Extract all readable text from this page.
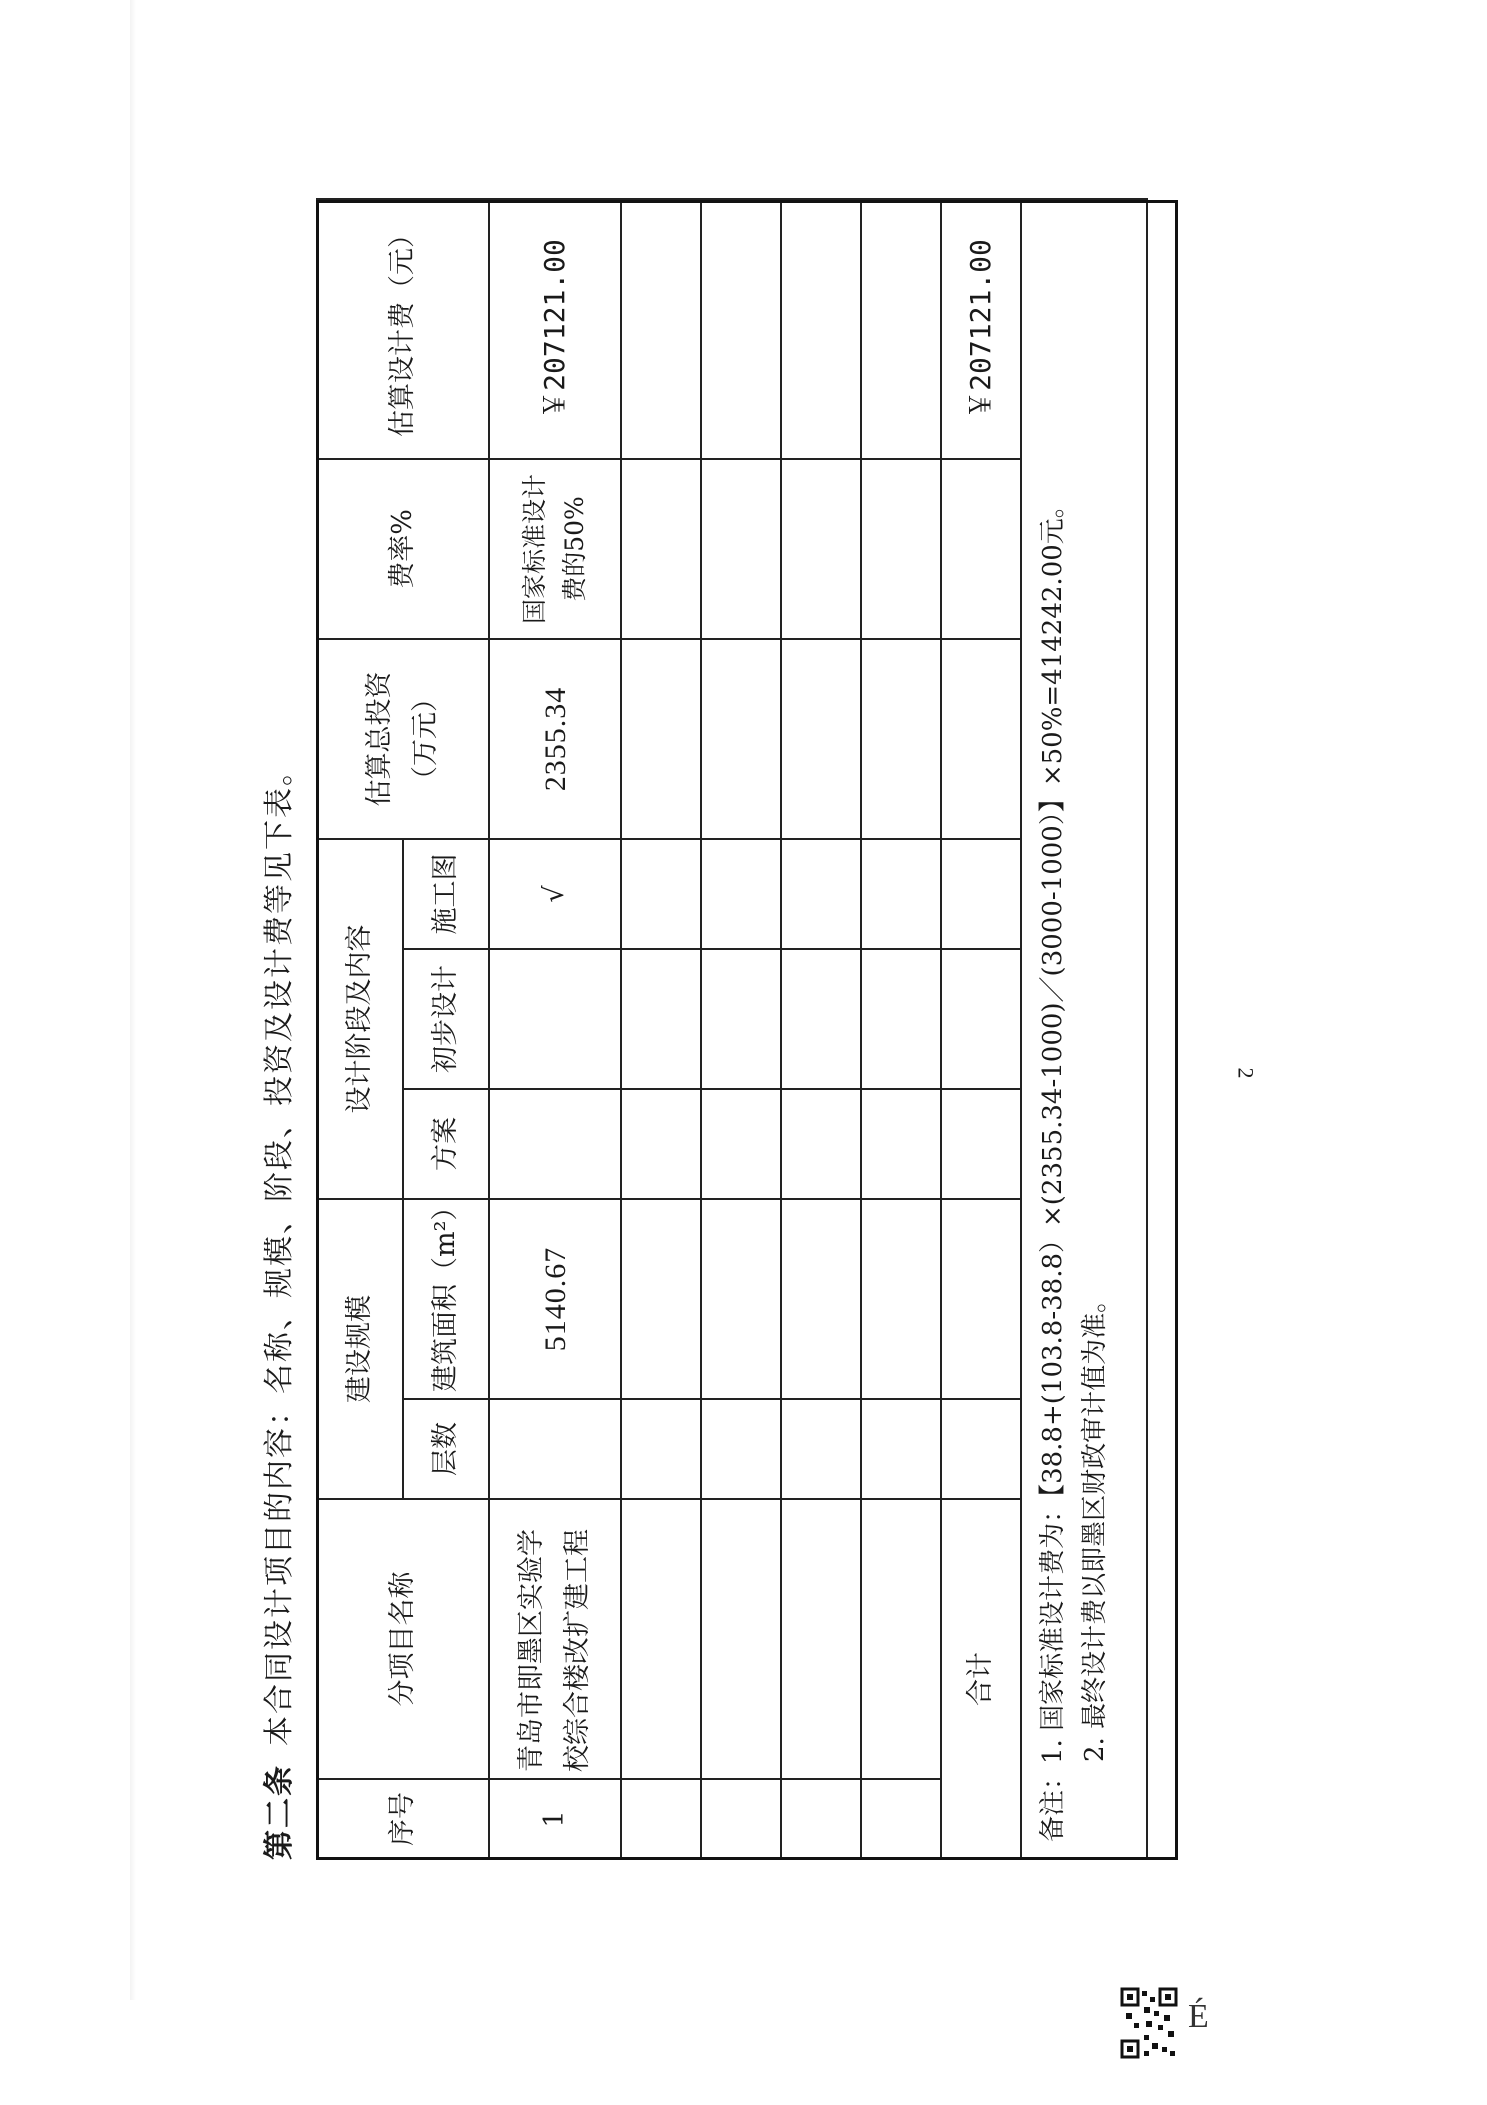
第二条本合同设计项目的内容：名称、规模、阶段、投资及设计费等见下表。
序号	分项目名称	建设规模		设计阶段及内容			估算总投资（万元）	费率%	估算设计费（元）
		层数	建筑面积（m²）	方案	初步设计	施工图			
1	青岛市即墨区实验学校综合楼改扩建工程		5140.67			√	2355.34	国家标准设计费的50%	￥207121.00

合计									￥207121.00
备注：1. 国家标准设计费为：【38.8+(103.8-38.8）×(2355.34-1000)／(3000-1000）】×50%=414242.00元。 2. 最终设计费以即墨区财政审计值为准。									
2
É
